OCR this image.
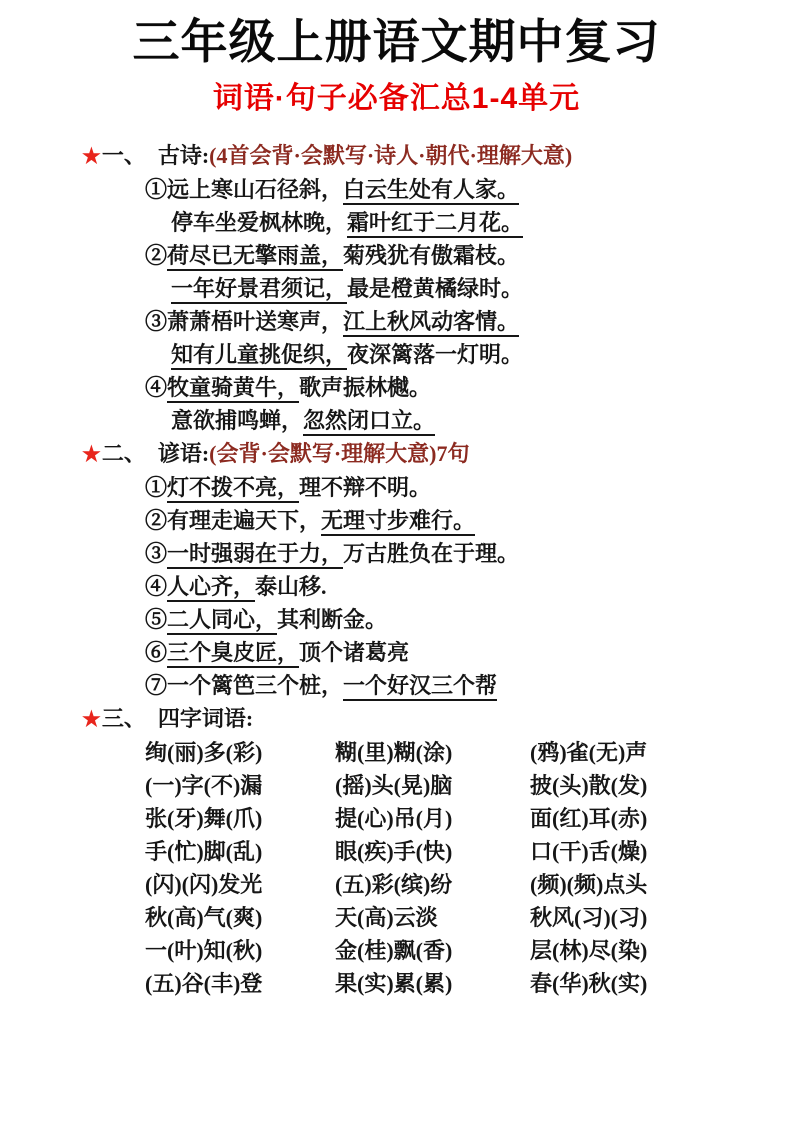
三年级上册语文期中复习
词语·句子必备汇总1-4单元
★一、 古诗:(4首会背·会默写·诗人·朝代·理解大意)
①远上寒山石径斜，白云生处有人家。
停车坐爱枫林晚，霜叶红于二月花。
②荷尽已无擎雨盖，菊残犹有傲霜枝。
一年好景君须记，最是橙黄橘绿时。
③萧萧梧叶送寒声，江上秋风动客情。
知有儿童挑促织，夜深篱落一灯明。
④牧童骑黄牛，歌声振林樾。
意欲捕鸣蝉，忽然闭口立。
★二、 谚语:(会背·会默写·理解大意)7句
①灯不拨不亮，理不辩不明。
②有理走遍天下，无理寸步难行。
③一时强弱在于力，万古胜负在于理。
④人心齐，泰山移.
⑤二人同心，其利断金。
⑥三个臭皮匠，顶个诸葛亮
⑦一个篱笆三个桩，一个好汉三个帮
★三、 四字词语:
绚(丽)多(彩)	糊(里)糊(涂)	(鸦)雀(无)声
(一)字(不)漏	(摇)头(晃)脑	披(头)散(发)
张(牙)舞(爪)	提(心)吊(月)	面(红)耳(赤)
手(忙)脚(乱)	眼(疾)手(快)	口(干)舌(燥)
(闪)(闪)发光	(五)彩(缤)纷	(频)(频)点头
秋(高)气(爽)	天(高)云淡	秋风(习)(习)
一(叶)知(秋)	金(桂)飘(香)	层(林)尽(染)
(五)谷(丰)登	果(实)累(累)	春(华)秋(实)
